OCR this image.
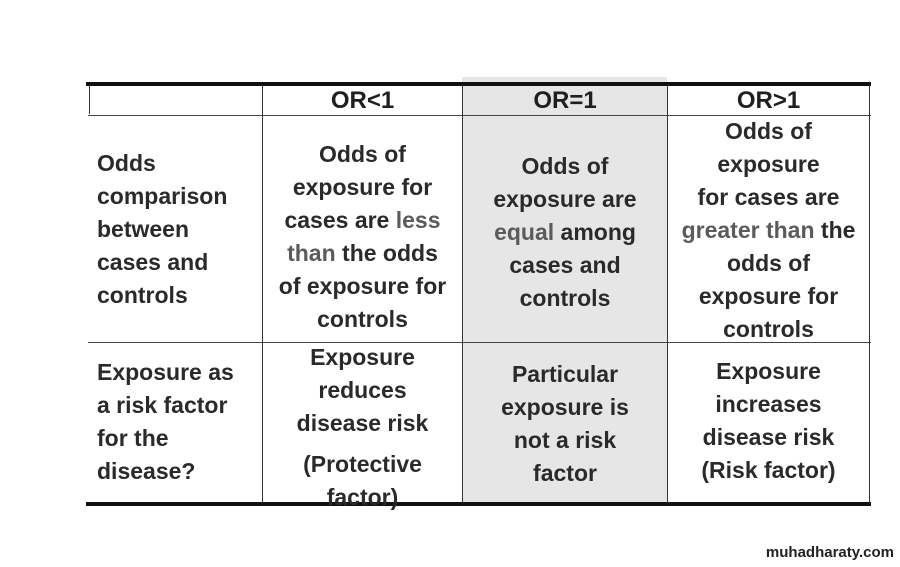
OR<1	OR=1	OR>1
Odds
comparison
between
cases and
controls
Odds of
exposure for
cases are less
than the odds
of exposure for
controls
Odds of
exposure are
equal among
cases and
controls
Odds of
exposure
for cases are
greater than the
odds of
exposure for
controls
Exposure as
a risk factor
for the
disease?
Exposure
reduces
disease risk
(Protective
factor)
Particular
exposure is
not a risk
factor
Exposure
increases
disease risk
(Risk factor)
muhadharaty.com
